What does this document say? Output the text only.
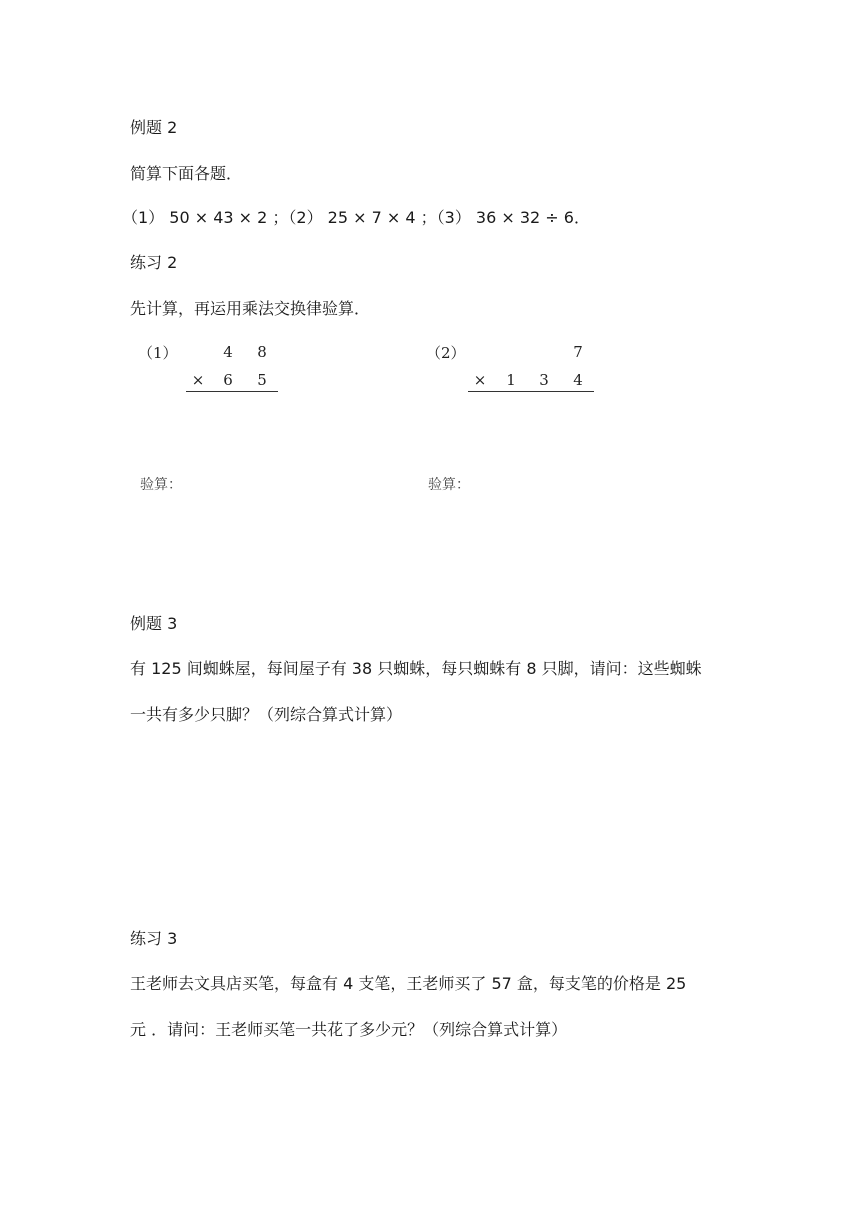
例题 2
简算下面各题．
（1） 50 × 43 × 2 ；（2） 25 × 7 × 4 ；（3） 36 × 32 ÷ 6．
练习 2
先计算，再运用乘法交换律验算．
（1）	4 8
× 6 5
（2）	7
× 1 3 4
验算：	验算：
例题 3
有 125 间蜘蛛屋，每间屋子有 38 只蜘蛛，每只蜘蛛有 8 只脚，请问：这些蜘蛛
一共有多少只脚？（列综合算式计算）
练习 3
王老师去文具店买笔，每盒有 4 支笔，王老师买了 57 盒，每支笔的价格是 25
元 ．请问：王老师买笔一共花了多少元？（列综合算式计算）
